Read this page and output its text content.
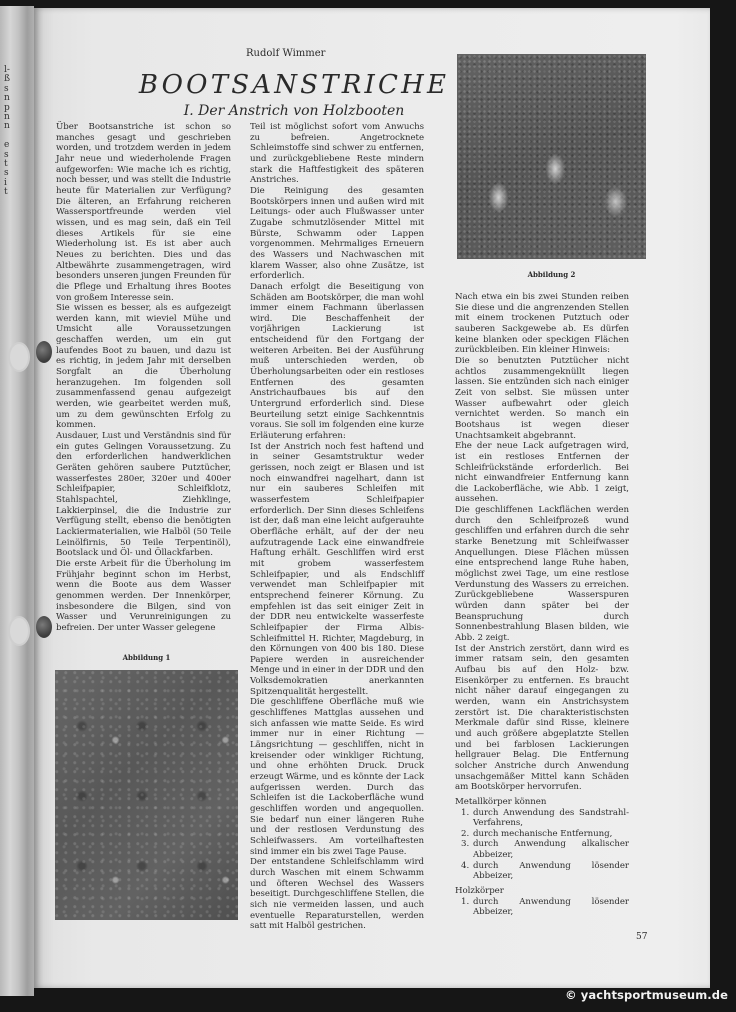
l-
ß
s
n
p
n
n

e
s
t
s
i
t
Rudolf Wimmer
BOOTSANSTRICHE
I. Der Anstrich von Holzbooten

Über Bootsanstriche ist schon so manches gesagt und geschrieben worden, und trotzdem werden in jedem Jahr neue und wiederholende Fragen aufgeworfen: Wie mache ich es richtig, noch besser, und was stellt die Industrie heute für Materialien zur Verfügung? Die älteren, an Erfahrung reicheren Wassersportfreunde werden viel wissen, und es mag sein, daß ein Teil dieses Artikels für sie eine Wiederholung ist. Es ist aber auch Neues zu berichten. Dies und das Altbewährte zusammengetragen, wird besonders unseren jungen Freunden für die Pflege und Erhaltung ihres Bootes von großem Interesse sein.

Sie wissen es besser, als es aufgezeigt werden kann, mit wieviel Mühe und Umsicht alle Voraussetzungen geschaffen werden, um ein gut laufendes Boot zu bauen, und dazu ist es richtig, in jedem Jahr mit derselben Sorgfalt an die Überholung heranzugehen. Im folgenden soll zusammenfassend genau aufgezeigt werden, wie gearbeitet werden muß, um zu dem gewünschten Erfolg zu kommen.

Ausdauer, Lust und Verständnis sind für ein gutes Gelingen Voraussetzung. Zu den erforderlichen handwerklichen Geräten gehören saubere Putztücher, wasserfestes 280er, 320er und 400er Schleifpapier, Schleifklotz, Stahlspachtel, Ziehklinge, Lakkierpinsel, die die Industrie zur Verfügung stellt, ebenso die benötigten Lackiermaterialien, wie Halböl (50 Teile Leinölfirnis, 50 Teile Terpentinöl), Bootslack und Öl- und Öllackfarben.

Die erste Arbeit für die Überholung im Frühjahr beginnt schon im Herbst, wenn die Boote aus dem Wasser genommen werden. Der Innenkörper, insbesondere die Bilgen, sind von Wasser und Verunreinigungen zu befreien. Der unter Wasser gelegene

Abbildung 1

Teil ist möglichst sofort vom Anwuchs zu befreien. Angetrocknete Schleimstoffe sind schwer zu entfernen, und zurückgebliebene Reste mindern stark die Haftfestigkeit des späteren Anstriches.

Die Reinigung des gesamten Bootskörpers innen und außen wird mit Leitungs- oder auch Flußwasser unter Zugabe schmutzlösender Mittel mit Bürste, Schwamm oder Lappen vorgenommen. Mehrmaliges Erneuern des Wassers und Nachwaschen mit klarem Wasser, also ohne Zusätze, ist erforderlich.

Danach erfolgt die Beseitigung von Schäden am Bootskörper, die man wohl immer einem Fachmann überlassen wird. Die Beschaffenheit der vorjährigen Lackierung ist entscheidend für den Fortgang der weiteren Arbeiten. Bei der Ausführung muß unterschieden werden, ob Überholungsarbeiten oder ein restloses Entfernen des gesamten Anstrichaufbaues bis auf den Untergrund erforderlich sind. Diese Beurteilung setzt einige Sachkenntnis voraus. Sie soll im folgenden eine kurze Erläuterung erfahren:

Ist der Anstrich noch fest haftend und in seiner Gesamtstruktur weder gerissen, noch zeigt er Blasen und ist noch einwandfrei nagelhart, dann ist nur ein sauberes Schleifen mit wasserfestem Schleifpapier erforderlich. Der Sinn dieses Schleifens ist der, daß man eine leicht aufgerauhte Oberfläche erhält, auf der der neu aufzutragende Lack eine einwandfreie Haftung erhält. Geschliffen wird erst mit grobem wasserfestem Schleifpapier, und als Endschliff verwendet man Schleifpapier mit entsprechend feinerer Körnung. Zu empfehlen ist das seit einiger Zeit in der DDR neu entwickelte wasserfeste Schleifpapier der Firma Albis-Schleifmittel H. Richter, Magdeburg, in den Körnungen von 400 bis 180. Diese Papiere werden in ausreichender Menge und in einer in der DDR und den Volksdemokratien anerkannten Spitzenqualität hergestellt.

Die geschliffene Oberfläche muß wie geschliffenes Mattglas aussehen und sich anfassen wie matte Seide. Es wird immer nur in einer Richtung — Längsrichtung — geschliffen, nicht in kreisender oder winkliger Richtung, und ohne erhöhten Druck. Druck erzeugt Wärme, und es könnte der Lack aufgerissen werden. Durch das Schleifen ist die Lackoberfläche wund geschliffen worden und angequollen. Sie bedarf nun einer längeren Ruhe und der restlosen Verdunstung des Schleifwassers. Am vorteilhaftesten sind immer ein bis zwei Tage Pause.

Der entstandene Schleifschlamm wird durch Waschen mit einem Schwamm und öfteren Wechsel des Wassers beseitigt. Durchgeschliffene Stellen, die sich nie vermeiden lassen, und auch eventuelle Reparaturstellen, werden satt mit Halböl gestrichen.

Abbildung 2

Nach etwa ein bis zwei Stunden reiben Sie diese und die angrenzenden Stellen mit einem trockenen Putztuch oder sauberen Sackgewebe ab. Es dürfen keine blanken oder speckigen Flächen zurückbleiben. Ein kleiner Hinweis:

Die so benutzten Putztücher nicht achtlos zusammengeknüllt liegen lassen. Sie entzünden sich nach einiger Zeit von selbst. Sie müssen unter Wasser aufbewahrt oder gleich vernichtet werden. So manch ein Bootshaus ist wegen dieser Unachtsamkeit abgebrannt.

Ehe der neue Lack aufgetragen wird, ist ein restloses Entfernen der Schleifrückstände erforderlich. Bei nicht einwandfreier Entfernung kann die Lackoberfläche, wie Abb. 1 zeigt, aussehen.

Die geschliffenen Lackflächen werden durch den Schleifprozeß wund geschliffen und erfahren durch die sehr starke Benetzung mit Schleifwasser Anquellungen. Diese Flächen müssen eine entsprechend lange Ruhe haben, möglichst zwei Tage, um eine restlose Verdunstung des Wassers zu erreichen. Zurückgebliebene Wasserspuren würden dann später bei der Beanspruchung durch Sonnenbestrahlung Blasen bilden, wie Abb. 2 zeigt.

Ist der Anstrich zerstört, dann wird es immer ratsam sein, den gesamten Aufbau bis auf den Holz- bzw. Eisenkörper zu entfernen. Es braucht nicht näher darauf eingegangen zu werden, wann ein Anstrichsystem zerstört ist. Die charakteristischsten Merkmale dafür sind Risse, kleinere und auch größere abgeplatzte Stellen und bei farblosen Lackierungen hellgrauer Belag. Die Entfernung solcher Anstriche durch Anwendung unsachgemäßer Mittel kann Schäden am Bootskörper hervorrufen.

Metallkörper können

1. durch Anwendung des Sandstrahl-Verfahrens,
2. durch mechanische Entfernung,
3. durch Anwendung alkalischer Abbeizer,
4. durch Anwendung lösender Abbeizer,

Holzkörper

1. durch Anwendung lösender Abbeizer,
57
© yachtsportmuseum.de
